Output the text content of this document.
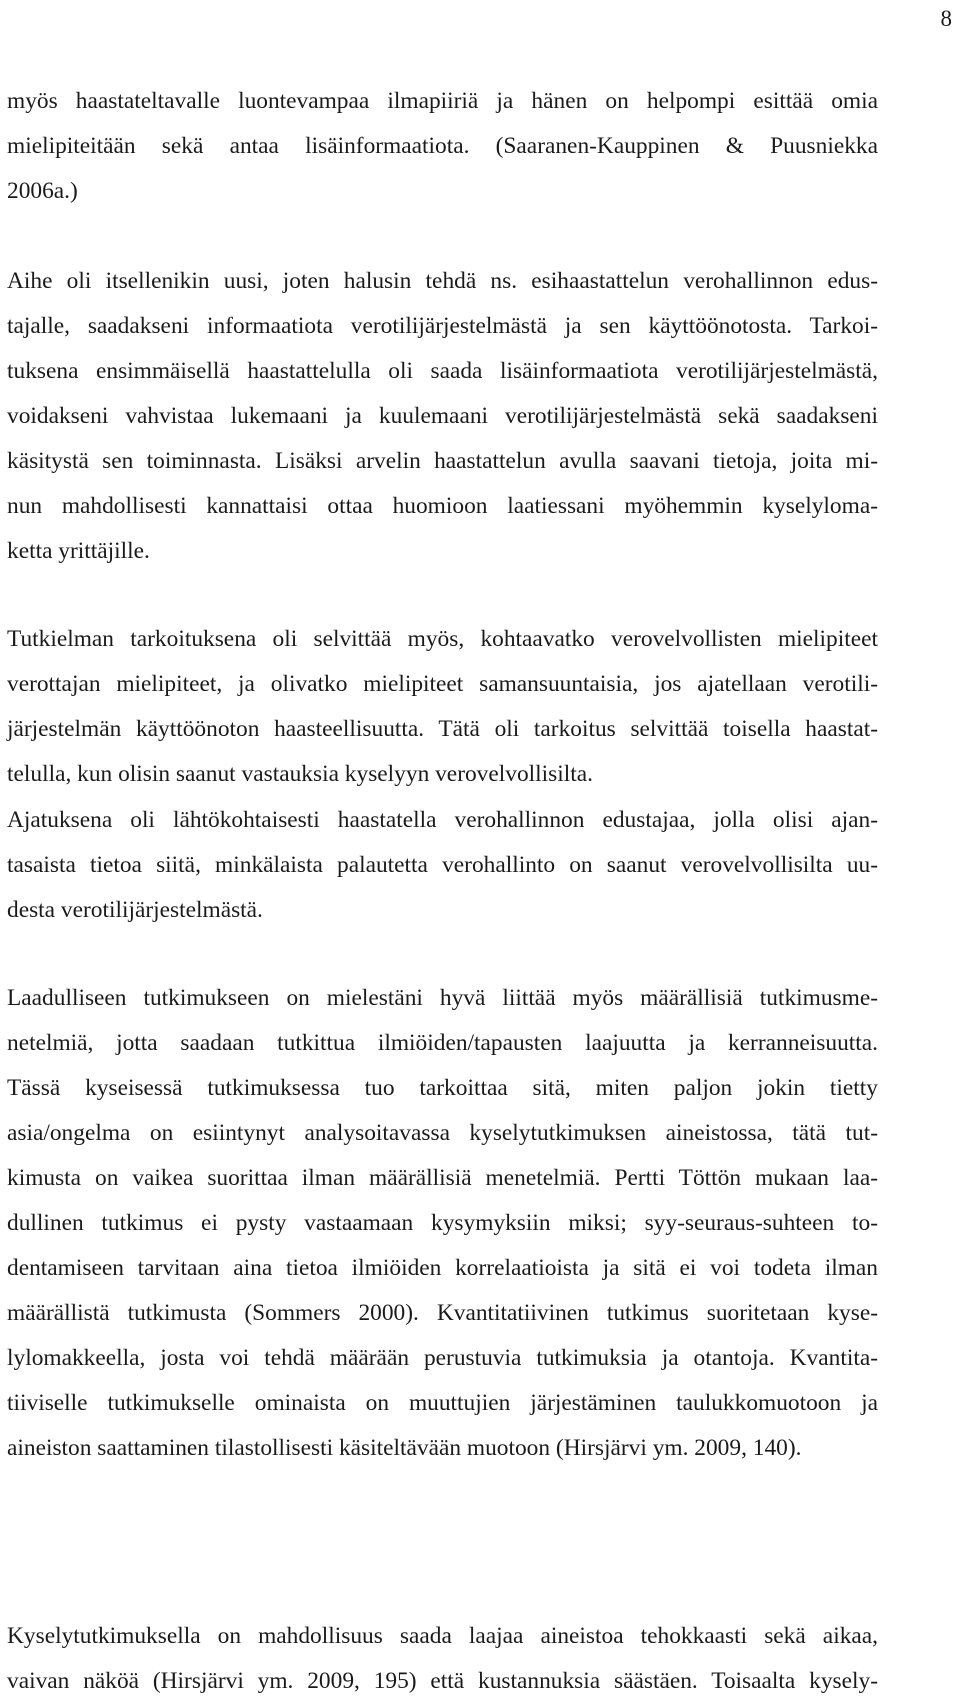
8
myös haastateltavalle luontevampaa ilmapiiriä ja hänen on helpompi esittää omia
mielipiteitään sekä antaa lisäinformaatiota. (Saaranen-Kauppinen & Puusniekka
2006a.)
Aihe oli itsellenikin uusi, joten halusin tehdä ns. esihaastattelun verohallinnon edus-
tajalle, saadakseni informaatiota verotilijärjestelmästä ja sen käyttöönotosta. Tarkoi-
tuksena ensimmäisellä haastattelulla oli saada lisäinformaatiota verotilijärjestelmästä,
voidakseni vahvistaa lukemaani ja kuulemaani verotilijärjestelmästä sekä saadakseni
käsitystä sen toiminnasta. Lisäksi arvelin haastattelun avulla saavani tietoja, joita mi-
nun mahdollisesti kannattaisi ottaa huomioon laatiessani myöhemmin kyselyloma-
ketta yrittäjille.
Tutkielman tarkoituksena oli selvittää myös, kohtaavatko verovelvollisten mielipiteet
verottajan mielipiteet, ja olivatko mielipiteet samansuuntaisia, jos ajatellaan verotili-
järjestelmän käyttöönoton haasteellisuutta. Tätä oli tarkoitus selvittää toisella haastat-
telulla, kun olisin saanut vastauksia kyselyyn verovelvollisilta.
Ajatuksena oli lähtökohtaisesti haastatella verohallinnon edustajaa, jolla olisi ajan-
tasaista tietoa siitä, minkälaista palautetta verohallinto on saanut verovelvollisilta uu-
desta verotilijärjestelmästä.
Laadulliseen tutkimukseen on mielestäni hyvä liittää myös määrällisiä tutkimusme-
netelmiä, jotta saadaan tutkittua ilmiöiden/tapausten laajuutta ja kerranneisuutta.
Tässä kyseisessä tutkimuksessa tuo tarkoittaa sitä, miten paljon jokin tietty
asia/ongelma on esiintynyt analysoitavassa kyselytutkimuksen aineistossa, tätä tut-
kimusta on vaikea suorittaa ilman määrällisiä menetelmiä. Pertti Töttön mukaan laa-
dullinen tutkimus ei pysty vastaamaan kysymyksiin miksi; syy-seuraus-suhteen to-
dentamiseen tarvitaan aina tietoa ilmiöiden korrelaatioista ja sitä ei voi todeta ilman
määrällistä tutkimusta (Sommers 2000). Kvantitatiivinen tutkimus suoritetaan kyse-
lylomakkeella, josta voi tehdä määrään perustuvia tutkimuksia ja otantoja. Kvantita-
tiiviselle tutkimukselle ominaista on muuttujien järjestäminen taulukkomuotoon ja
aineiston saattaminen tilastollisesti käsiteltävään muotoon (Hirsjärvi ym. 2009, 140).
Kyselytutkimuksella on mahdollisuus saada laajaa aineistoa tehokkaasti sekä aikaa,
vaivan näköä (Hirsjärvi ym. 2009, 195) että kustannuksia säästäen. Toisaalta kysely-
